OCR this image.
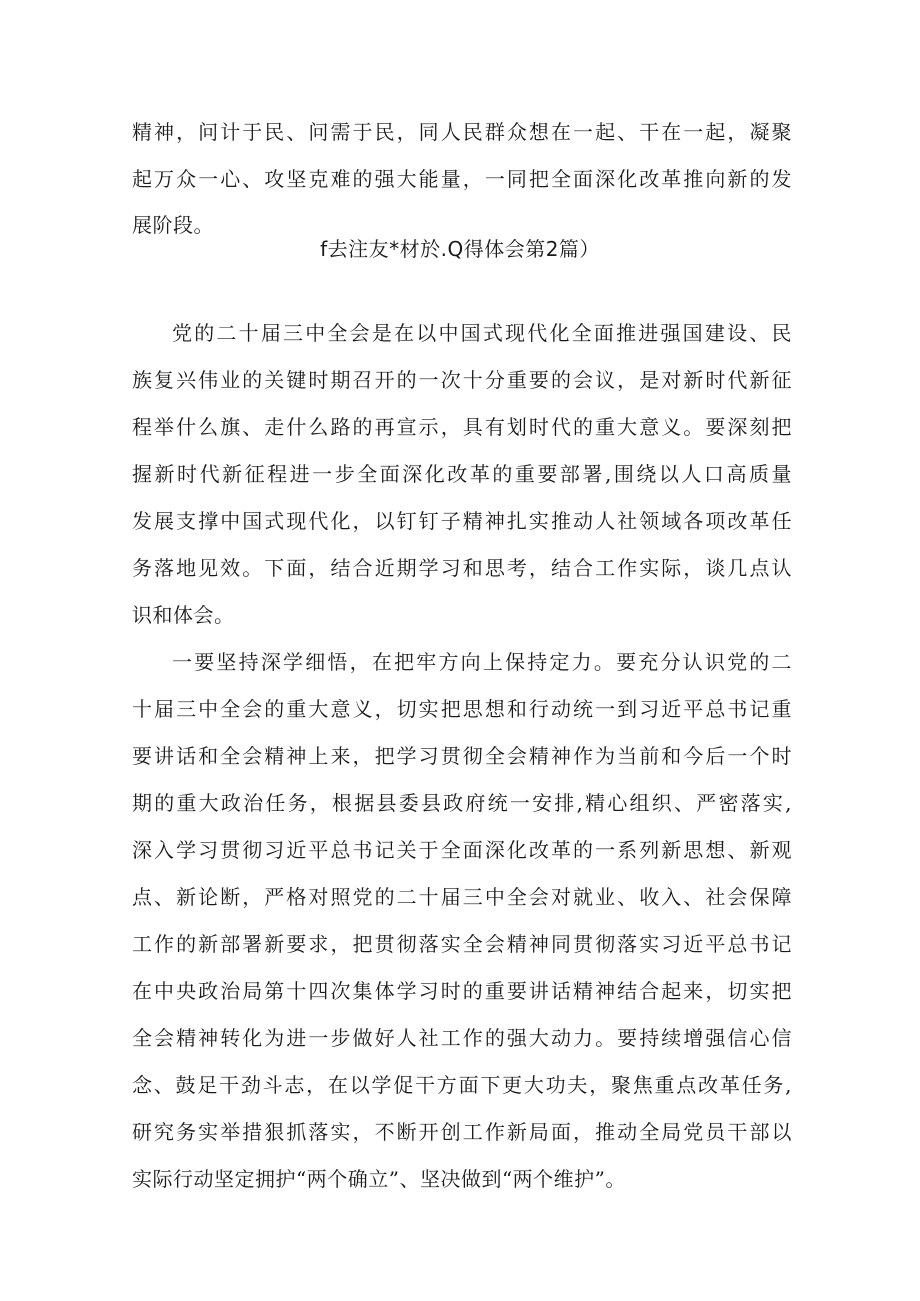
精神，问计于民、问需于民，同人民群众想在一起、干在一起，凝聚
起万众一心、攻坚克难的强大能量，一同把全面深化改革推向新的发
展阶段。
f去注友*材於.Q得体会第2篇）
党的二十届三中全会是在以中国式现代化全面推进强国建设、民
族复兴伟业的关键时期召开的一次十分重要的会议，是对新时代新征
程举什么旗、走什么路的再宣示，具有划时代的重大意义。要深刻把
握新时代新征程进一步全面深化改革的重要部署,围绕以人口高质量
发展支撑中国式现代化，以钉钉子精神扎实推动人社领域各项改革任
务落地见效。下面，结合近期学习和思考，结合工作实际，谈几点认
识和体会。
一要坚持深学细悟，在把牢方向上保持定力。要充分认识党的二
十届三中全会的重大意义，切实把思想和行动统一到习近平总书记重
要讲话和全会精神上来，把学习贯彻全会精神作为当前和今后一个时
期的重大政治任务，根据县委县政府统一安排,精心组织、严密落实,
深入学习贯彻习近平总书记关于全面深化改革的一系列新思想、新观
点、新论断，严格对照党的二十届三中全会对就业、收入、社会保障
工作的新部署新要求，把贯彻落实全会精神同贯彻落实习近平总书记
在中央政治局第十四次集体学习时的重要讲话精神结合起来，切实把
全会精神转化为进一步做好人社工作的强大动力。要持续增强信心信
念、鼓足干劲斗志，在以学促干方面下更大功夫，聚焦重点改革任务,
研究务实举措狠抓落实，不断开创工作新局面，推动全局党员干部以
实际行动坚定拥护“两个确立”、坚决做到“两个维护”。
